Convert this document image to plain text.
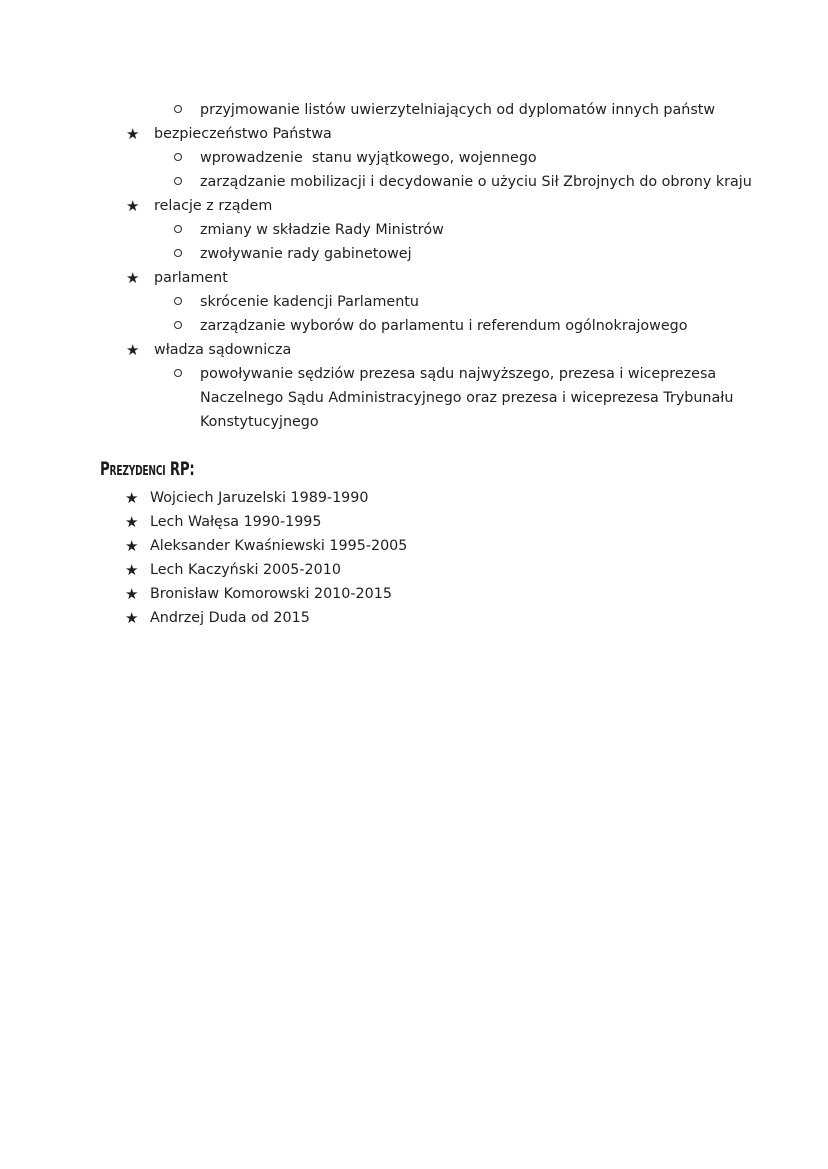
przyjmowanie listów uwierzytelniających od dyplomatów innych państw
★ bezpieczeństwo Państwa
wprowadzenie  stanu wyjątkowego, wojennego
zarządzanie mobilizacji i decydowanie o użyciu Sił Zbrojnych do obrony kraju
★ relacje z rządem
zmiany w składzie Rady Ministrów
zwoływanie rady gabinetowej
★ parlament
skrócenie kadencji Parlamentu
zarządzanie wyborów do parlamentu i referendum ogólnokrajowego
★ władza sądownicza
powoływanie sędziów prezesa sądu najwyższego, prezesa i wiceprezesa
Naczelnego Sądu Administracyjnego oraz prezesa i wiceprezesa Trybunału
Konstytucyjnego
Prezydenci RP:
★ Wojciech Jaruzelski 1989-1990
★ Lech Wałęsa 1990-1995
★ Aleksander Kwaśniewski 1995-2005
★ Lech Kaczyński 2005-2010
★ Bronisław Komorowski 2010-2015
★ Andrzej Duda od 2015
